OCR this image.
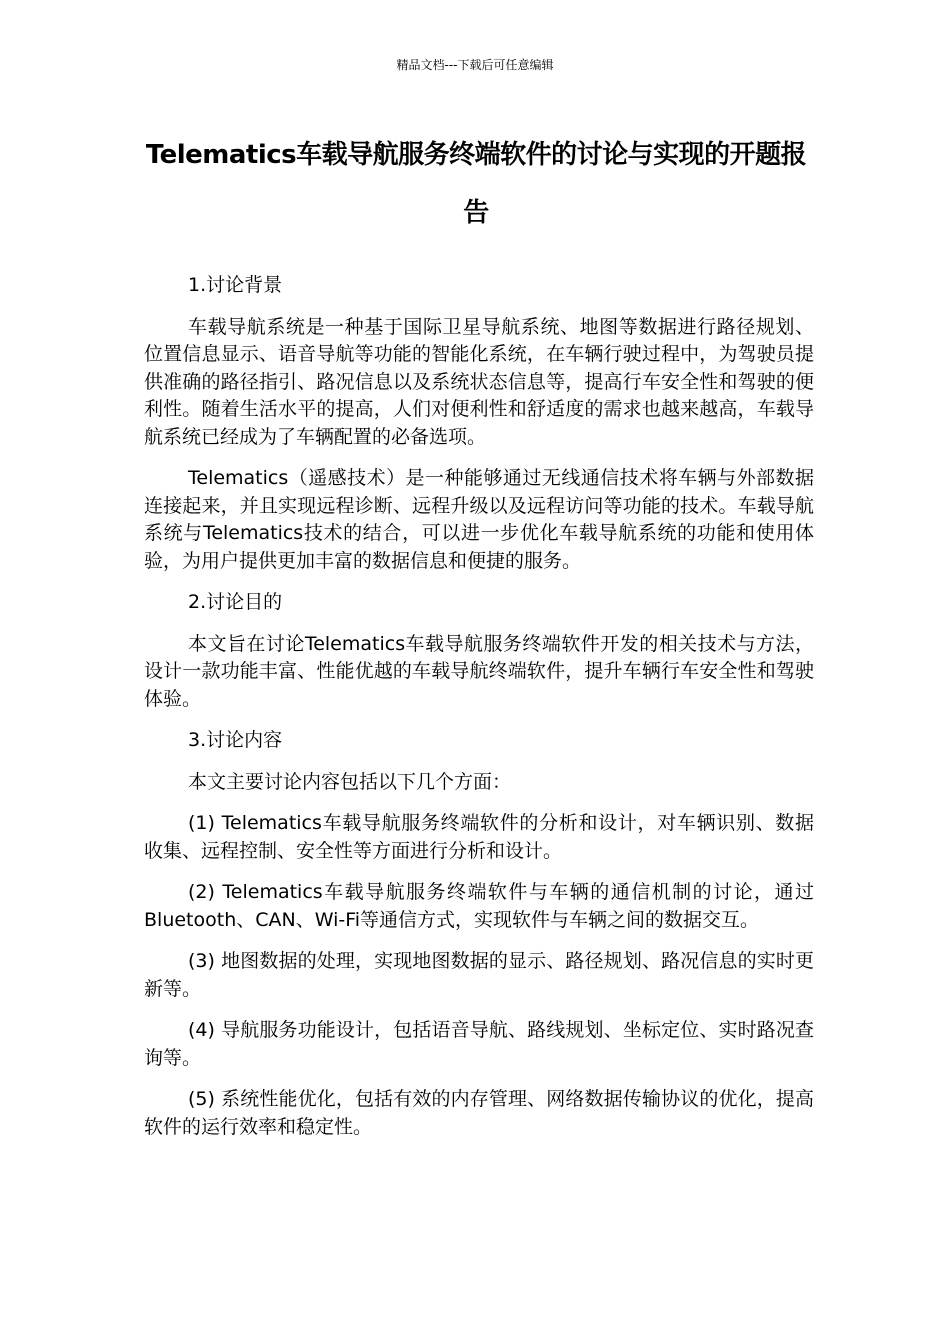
精品文档---下载后可任意编辑
Telematics车载导航服务终端软件的讨论与实现的开题报告

1.讨论背景

车载导航系统是一种基于国际卫星导航系统、地图等数据进行路径规划、位置信息显示、语音导航等功能的智能化系统，在车辆行驶过程中，为驾驶员提供准确的路径指引、路况信息以及系统状态信息等，提高行车安全性和驾驶的便利性。随着生活水平的提高，人们对便利性和舒适度的需求也越来越高，车载导航系统已经成为了车辆配置的必备选项。

Telematics（遥感技术）是一种能够通过无线通信技术将车辆与外部数据连接起来，并且实现远程诊断、远程升级以及远程访问等功能的技术。车载导航系统与Telematics技术的结合，可以进一步优化车载导航系统的功能和使用体验，为用户提供更加丰富的数据信息和便捷的服务。

2.讨论目的

本文旨在讨论Telematics车载导航服务终端软件开发的相关技术与方法，设计一款功能丰富、性能优越的车载导航终端软件，提升车辆行车安全性和驾驶体验。

3.讨论内容

本文主要讨论内容包括以下几个方面：

(1) Telematics车载导航服务终端软件的分析和设计，对车辆识别、数据收集、远程控制、安全性等方面进行分析和设计。

(2) Telematics车载导航服务终端软件与车辆的通信机制的讨论，通过Bluetooth、CAN、Wi-Fi等通信方式，实现软件与车辆之间的数据交互。

(3) 地图数据的处理，实现地图数据的显示、路径规划、路况信息的实时更新等。

(4) 导航服务功能设计，包括语音导航、路线规划、坐标定位、实时路况查询等。

(5) 系统性能优化，包括有效的内存管理、网络数据传输协议的优化，提高软件的运行效率和稳定性。
